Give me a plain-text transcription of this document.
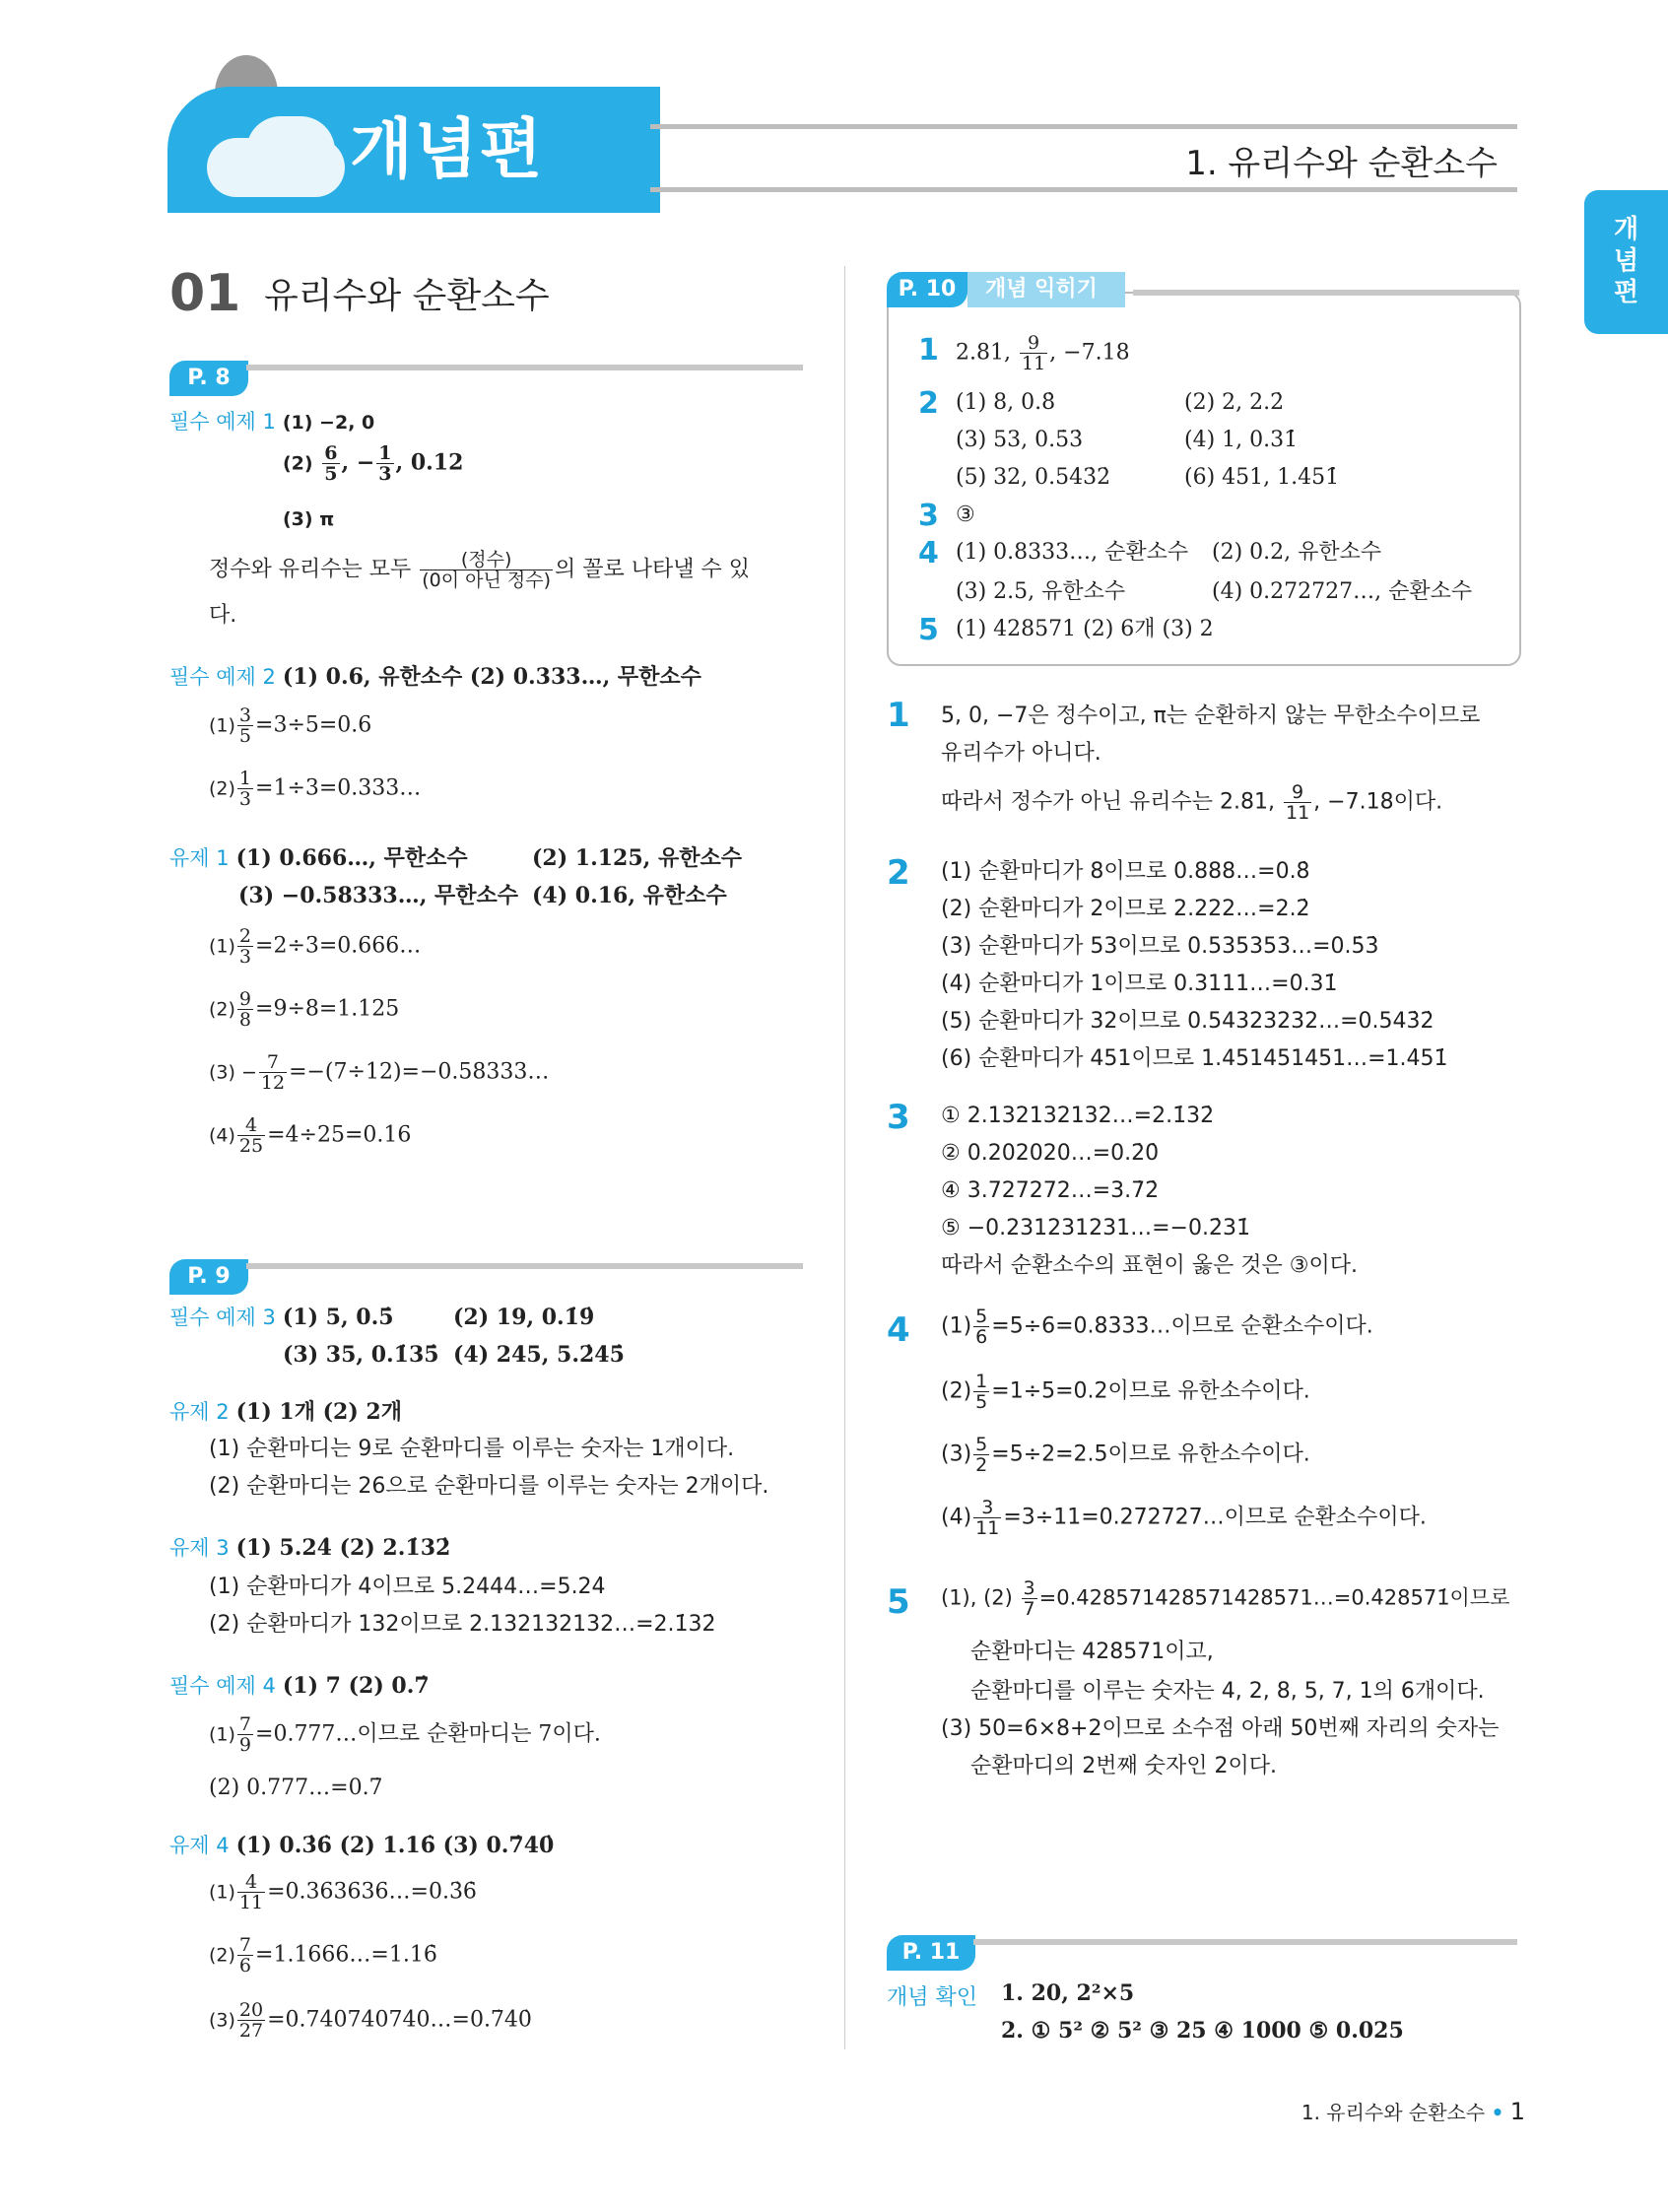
개념편	1. 유리수와 순환소수
개념편
01 유리수와 순환소수
P. 8
필수 예제 1 (1) −2, 0
$(2) \frac{6}{5}$ , − $\frac{1}{3}$ , 0.12
(3) π
정수와 유리수는 모두 $\frac{\text{(정수)}}{\text{(0이 아닌 정수)}}$ 의 꼴로 나타낼 수 있
다.
필수 예제 2 (1) 0.6, 유한소수 (2) 0.333…, 무한소수
$(1) \frac{3}{5} =3\div 5=0.6$
$(2) \frac{1}{3}$ =1÷3=0.333…
유제 1 (1) 0.666…, 무한소수	(2) 1.125, 유한소수
(3) −0.58333…, 무한소수 (4) 0.16, 유한소수
$(1) \frac{2}{3}$ =2÷3=0.666…
$(2) \frac{9}{8} =9\div 8=1.125$
$(3) - \frac{7}{12}$ =−(7÷12)=−0.58333…
$(4) \frac{4}{25} =4\div 25=0.16$
P. 9
필수 예제 3 (1) 5, 0.5̇	(2) 19, 0.1̇9̇
(3) 35, 0.1̇35̇ (4) 245, 5.2̇45̇
유제 2 (1) 1개 (2) 2개
(1) 순환마디는 9로 순환마디를 이루는 숫자는 1개이다.
(2) 순환마디는 26으로 순환마디를 이루는 숫자는 2개이다.
유제 3 (1) 5.24̇ (2) 2.1̇32̇
(1) 순환마디가 4이므로 5.2444…=5.24̇
(2) 순환마디가 132이므로 2.132132132…=2.1̇32̇
필수 예제 4 (1) 7 (2) 0.7̇
$(1) \frac{7}{9}$ =0.777…이므로 순환마디는 7이다.
(2) 0.777…=0.7̇
유제 4 (1) 0.3̇6̇ (2) 1.16̇ (3) 0.7̇40̇
$(1) \frac{4}{11}$ =0.363636…=0.3̇6̇
$(2) \frac{7}{6}$ =1.1666…=1.16̇
$(3) \frac{20}{27}$ =0.740740740…=0.7̇40̇
P. 10	개념 익히기
1 2.81, $\frac{9}{11}$ , −7.18
2 (1) 8, 0.8̇	(2) 2, 2.2̇
(3) 53, 0.5̇3̇	(4) 1, 0.31̇
(5) 32, 0.543̇2̇	(6) 451, 1.4̇51̇
3 ③
4 (1) 0.8333…, 순환소수 (2) 0.2, 유한소수
(3) 2.5, 유한소수	(4) 0.272727…, 순환소수
5 (1) 428571 (2) 6개 (3) 2
1 5, 0, −7은 정수이고, π는 순환하지 않는 무한소수이므로
유리수가 아니다.
따라서 정수가 아닌 유리수는 2.81, $\frac{9}{11}$ , −7.18이다.
2 (1) 순환마디가 8이므로 0.888…=0.8̇
(2) 순환마디가 2이므로 2.222…=2.2̇
(3) 순환마디가 53이므로 0.535353…=0.5̇3̇
(4) 순환마디가 1이므로 0.3111…=0.31̇
(5) 순환마디가 32이므로 0.54323232…=0.543̇2̇
(6) 순환마디가 451이므로 1.451451451…=1.4̇51̇
3 ① 2.132132132…=2.1̇32̇
② 0.202020…=0.2̇0̇
④ 3.727272…=3.7̇2̇
⑤ −0.231231231…=−0.2̇31̇
따라서 순환소수의 표현이 옳은 것은 ③이다.
4 $(1) \frac{5}{6}$ =5÷6=0.8333…이므로 순환소수이다.
$(2) \frac{1}{5} =1\div 5=0.2$이므로 유한소수이다.
$(3) \frac{5}{2} =5\div 2=2.5$이므로 유한소수이다.
$(4) \frac{3}{11}$ =3÷11=0.272727…이므로 순환소수이다.
5 (1), $(2) \frac{3}{7}$ =0.428571428571428571…=0.4̇28571̇이므로
순환마디는 428571이고,
순환마디를 이루는 숫자는 4, 2, 8, 5, 7, 1의 6개이다.
(3) 50=6×8+2이므로 소수점 아래 50번째 자리의 숫자는
순환마디의 2번째 숫자인 2이다.
P. 11
개념 확인 1. 20, 2²×5
2. ① 5² ② 5² ③ 25 ④ 1000 ⑤ 0.025
1. 유리수와 순환소수 • 1
